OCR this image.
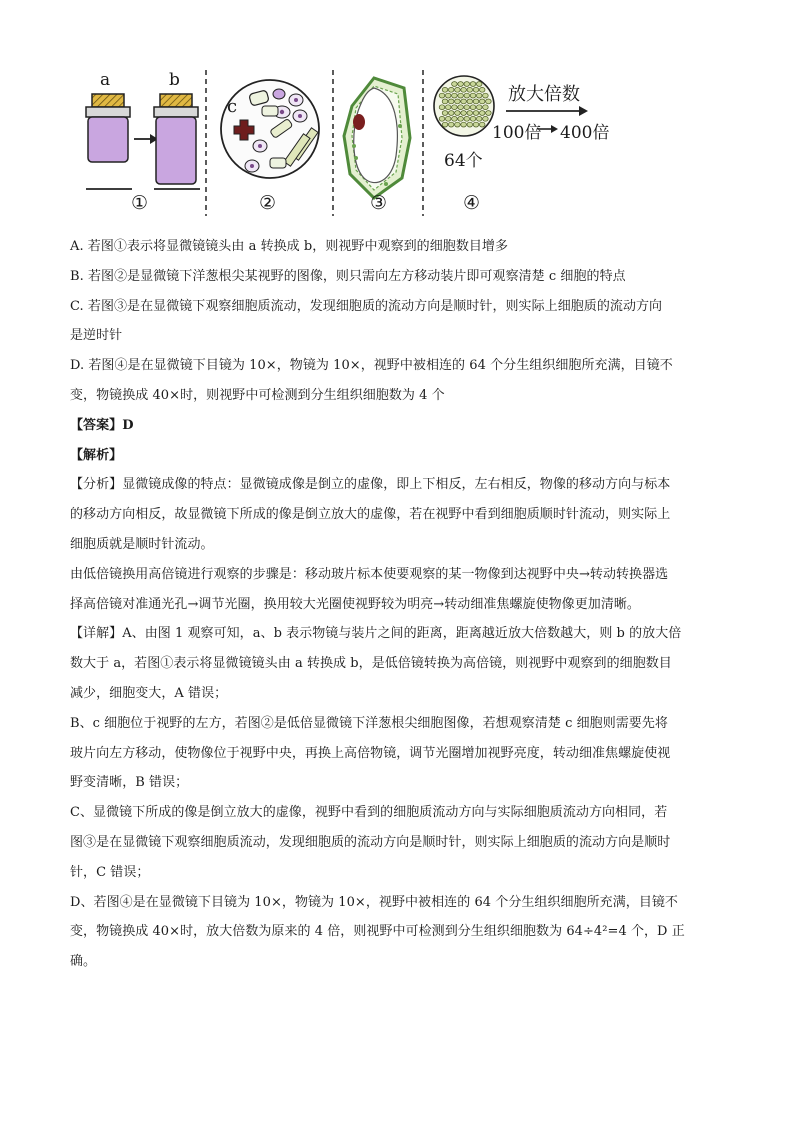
a	b
c
①	②	③	④
放大倍数
100倍 400倍
64个
A. 若图①表示将显微镜镜头由 a 转换成 b，则视野中观察到的细胞数目增多
B. 若图②是显微镜下洋葱根尖某视野的图像，则只需向左方移动装片即可观察清楚 c 细胞的特点
C. 若图③是在显微镜下观察细胞质流动，发现细胞质的流动方向是顺时针，则实际上细胞质的流动方向
是逆时针
D. 若图④是在显微镜下目镜为 10×，物镜为 10×，视野中被相连的 64 个分生组织细胞所充满，目镜不
变，物镜换成 40×时，则视野中可检测到分生组织细胞数为 4 个
【答案】D
【解析】
【分析】显微镜成像的特点：显微镜成像是倒立的虚像，即上下相反，左右相反，物像的移动方向与标本
的移动方向相反，故显微镜下所成的像是倒立放大的虚像，若在视野中看到细胞质顺时针流动，则实际上
细胞质就是顺时针流动。
由低倍镜换用高倍镜进行观察的步骤是：移动玻片标本使要观察的某一物像到达视野中央→转动转换器选
择高倍镜对准通光孔→调节光圈，换用较大光圈使视野较为明亮→转动细准焦螺旋使物像更加清晰。
【详解】A、由图 1 观察可知，a、b 表示物镜与装片之间的距离，距离越近放大倍数越大，则 b 的放大倍
数大于 a，若图①表示将显微镜镜头由 a 转换成 b，是低倍镜转换为高倍镜，则视野中观察到的细胞数目
减少，细胞变大，A 错误；
B、c 细胞位于视野的左方，若图②是低倍显微镜下洋葱根尖细胞图像，若想观察清楚 c 细胞则需要先将
玻片向左方移动，使物像位于视野中央，再换上高倍物镜，调节光圈增加视野亮度，转动细准焦螺旋使视
野变清晰，B 错误；
C、显微镜下所成的像是倒立放大的虚像，视野中看到的细胞质流动方向与实际细胞质流动方向相同，若
图③是在显微镜下观察细胞质流动，发现细胞质的流动方向是顺时针，则实际上细胞质的流动方向是顺时
针，C 错误；
D、若图④是在显微镜下目镜为 10×，物镜为 10×，视野中被相连的 64 个分生组织细胞所充满，目镜不
变，物镜换成 40×时，放大倍数为原来的 4 倍，则视野中可检测到分生组织细胞数为 64÷4²=4 个，D 正
确。
